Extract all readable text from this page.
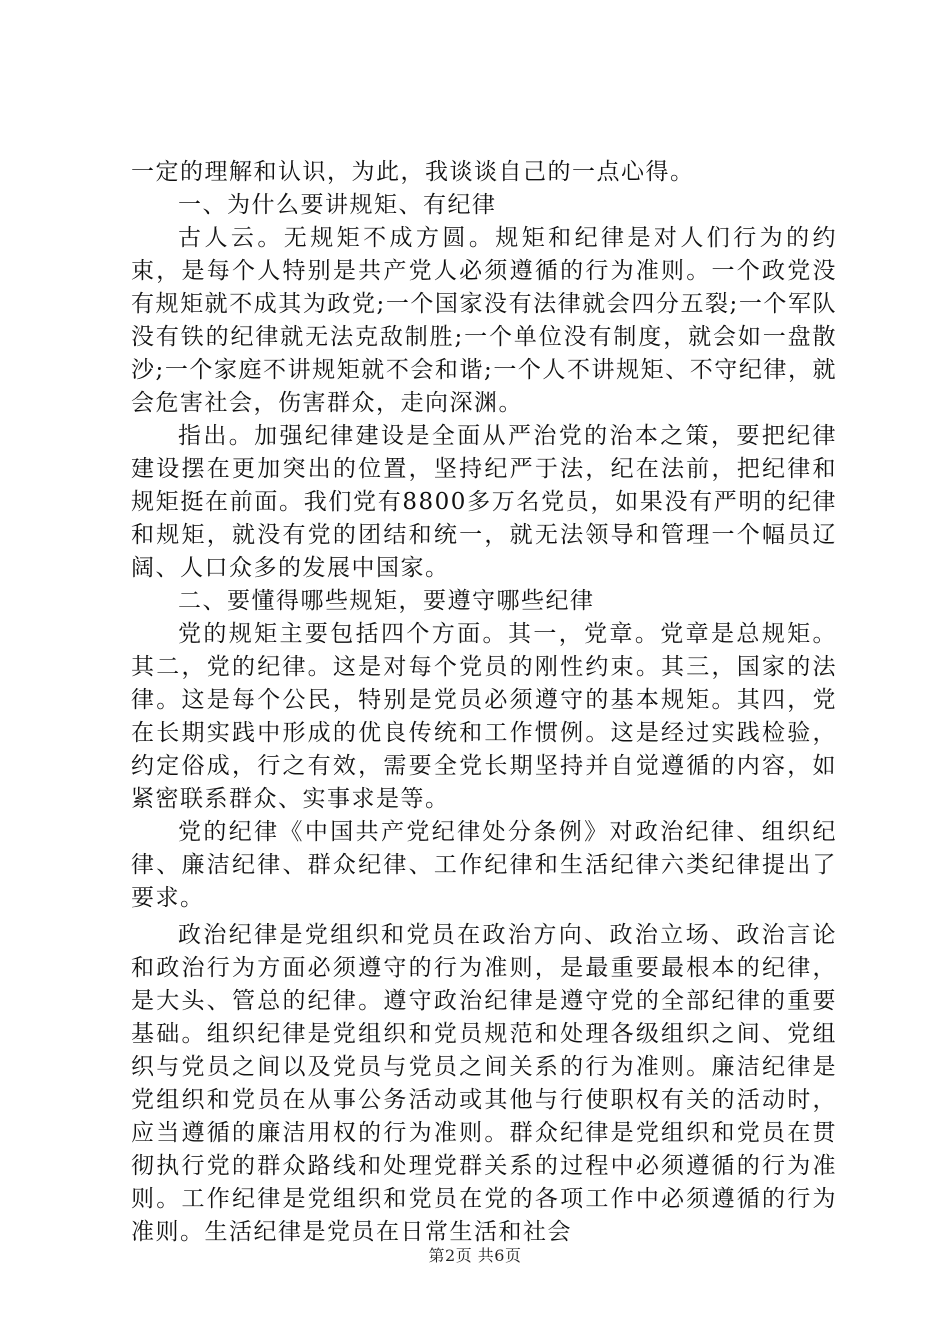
一定的理解和认识，为此，我谈谈自己的一点心得。

一、为什么要讲规矩、有纪律

古人云。无规矩不成方圆。规矩和纪律是对人们行为的约束，是每个人特别是共产党人必须遵循的行为准则。一个政党没有规矩就不成其为政党;一个国家没有法律就会四分五裂;一个军队没有铁的纪律就无法克敌制胜;一个单位没有制度，就会如一盘散沙;一个家庭不讲规矩就不会和谐;一个人不讲规矩、不守纪律，就会危害社会，伤害群众，走向深渊。

指出。加强纪律建设是全面从严治党的治本之策，要把纪律建设摆在更加突出的位置，坚持纪严于法，纪在法前，把纪律和规矩挺在前面。我们党有8800多万名党员，如果没有严明的纪律和规矩，就没有党的团结和统一，就无法领导和管理一个幅员辽阔、人口众多的发展中国家。

二、要懂得哪些规矩，要遵守哪些纪律

党的规矩主要包括四个方面。其一，党章。党章是总规矩。其二，党的纪律。这是对每个党员的刚性约束。其三，国家的法律。这是每个公民，特别是党员必须遵守的基本规矩。其四，党在长期实践中形成的优良传统和工作惯例。这是经过实践检验，约定俗成，行之有效，需要全党长期坚持并自觉遵循的内容，如紧密联系群众、实事求是等。

党的纪律《中国共产党纪律处分条例》对政治纪律、组织纪律、廉洁纪律、群众纪律、工作纪律和生活纪律六类纪律提出了要求。

政治纪律是党组织和党员在政治方向、政治立场、政治言论和政治行为方面必须遵守的行为准则，是最重要最根本的纪律，是大头、管总的纪律。遵守政治纪律是遵守党的全部纪律的重要基础。组织纪律是党组织和党员规范和处理各级组织之间、党组织与党员之间以及党员与党员之间关系的行为准则。廉洁纪律是党组织和党员在从事公务活动或其他与行使职权有关的活动时，应当遵循的廉洁用权的行为准则。群众纪律是党组织和党员在贯彻执行党的群众路线和处理党群关系的过程中必须遵循的行为准则。工作纪律是党组织和党员在党的各项工作中必须遵循的行为准则。生活纪律是党员在日常生活和社会

第2页 共6页
